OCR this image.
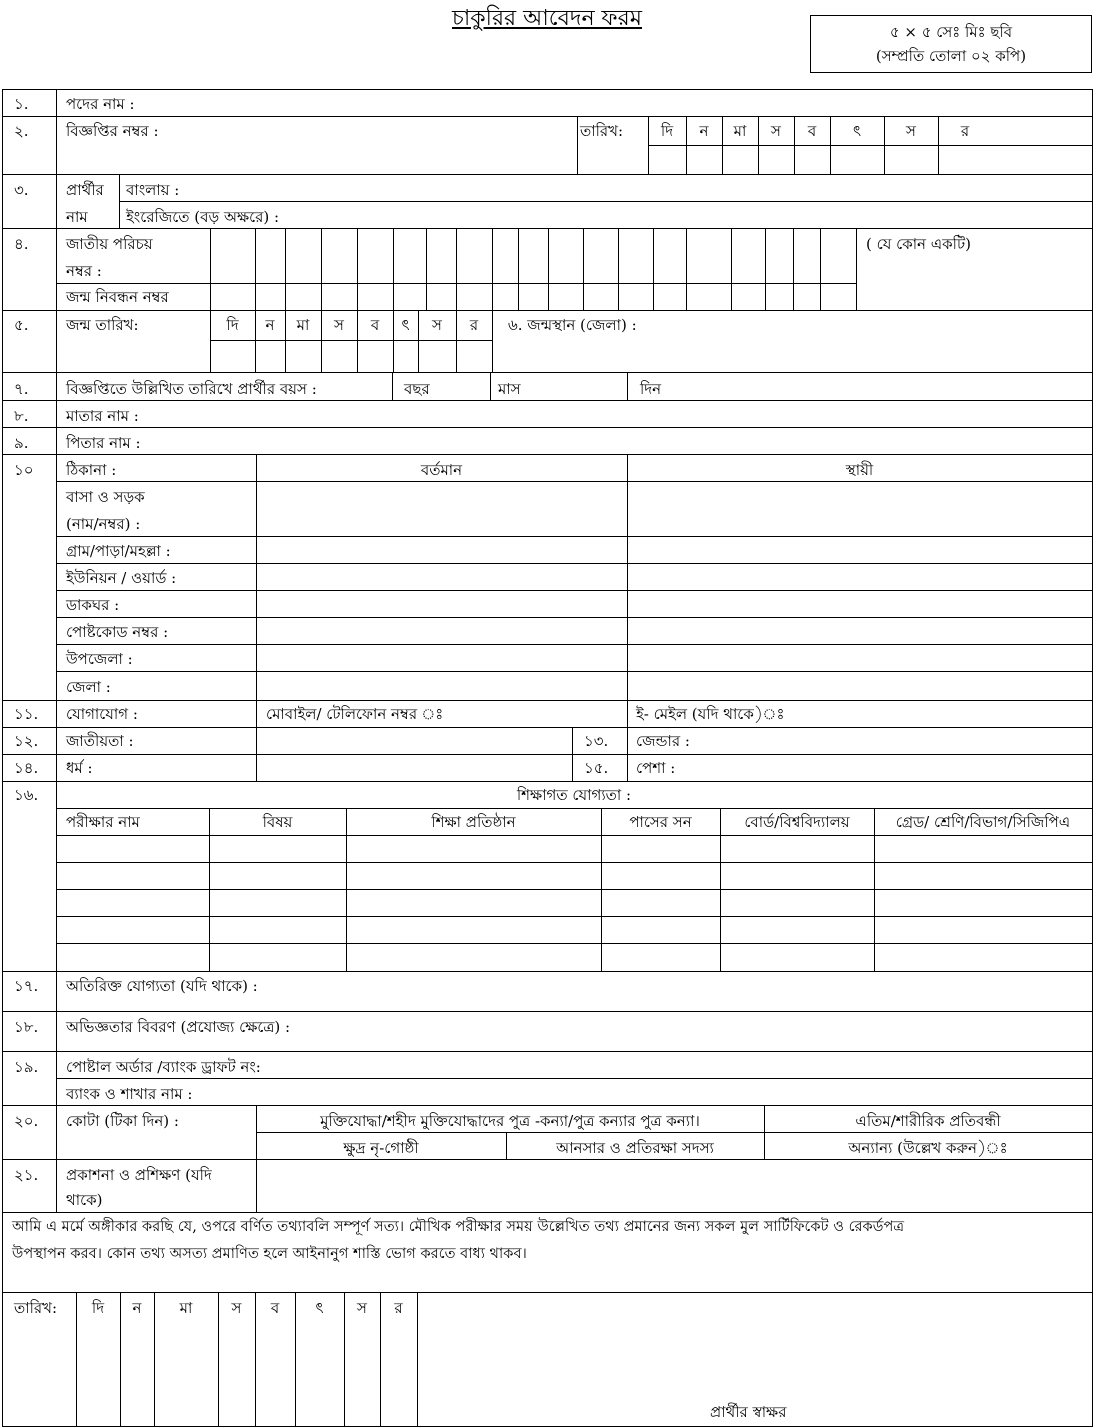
চাকুরির আবেদন ফরম
৫ × ৫ সেঃ মিঃ ছবি
(সম্প্রতি তোলা ০২ কপি)
১. পদের নাম :
২. বিজ্ঞপ্তির নম্বর :	তারিখ:	দি	ন	মা	স	ব	ৎ	স	র
৩. প্রার্থীর
নাম
বাংলায় :
ইংরেজিতে (বড় অক্ষরে) :
৪. জাতীয় পরিচয়
নম্বর :
জন্ম নিবন্ধন নম্বর
( যে কোন একটি)
৫. জন্ম তারিখ:	৬. জন্মস্থান (জেলা) :
দি	ন	মা	স	ব	ৎ	স	র
৭. বিজ্ঞপ্তিতে উল্লিখিত তারিখে প্রার্থীর বয়স :	বছর	মাস	দিন
৮. মাতার নাম :
৯. পিতার নাম :
১০ ঠিকানা :	বর্তমান	স্থায়ী
বাসা ও সড়ক
(নাম/নম্বর) :
গ্রাম/পাড়া/মহল্লা :
ইউনিয়ন / ওয়ার্ড :
ডাকঘর :
পোষ্টকোড নম্বর :
উপজেলা :
জেলা :
১১. যোগাযোগ :	মোবাইল/ টেলিফোন নম্বর ঃ	ই- মেইল (যদি থাকে)ঃ
১২. জাতীয়তা :	১৩. জেন্ডার :
১৪. ধর্ম :	১৫. পেশা :
১৬.	শিক্ষাগত যোগ্যতা :
পরীক্ষার নাম	বিষয়	শিক্ষা প্রতিষ্ঠান	পাসের সন	বোর্ড/বিশ্ববিদ্যালয়	গ্রেড/ শ্রেণি/বিভাগ/সিজিপিএ
১৭. অতিরিক্ত যোগ্যতা (যদি থাকে) :
১৮. অভিজ্ঞতার বিবরণ (প্রযোজ্য ক্ষেত্রে) :
১৯. পোষ্টাল অর্ডার /ব্যাংক ড্রাফট নং:
ব্যাংক ও শাখার নাম :
২০. কোটা (টিকা দিন) :	মুক্তিযোদ্ধা/শহীদ মুক্তিযোদ্ধাদের পুত্র -কন্যা/পুত্র কন্যার পুত্র কন্যা।	এতিম/শারীরিক প্রতিবন্ধী
ক্ষুদ্র নৃ-গোষ্ঠী	আনসার ও প্রতিরক্ষা সদস্য	অন্যান্য (উল্লেখ করুন)ঃ
২১. প্রকাশনা ও প্রশিক্ষণ (যদি
থাকে)
আমি এ মর্মে অঙ্গীকার করছি যে, ওপরে বর্ণিত তথ্যাবলি সম্পূর্ণ সত্য। মৌখিক পরীক্ষার সময় উল্লেখিত তথ্য প্রমানের জন্য সকল মুল সার্টিফিকেট ও রেকর্ডপত্র
উপস্থাপন করব। কোন তথ্য অসত্য প্রমাণিত হলে আইনানুগ শাস্তি ভোগ করতে বাধ্য থাকব।
তারিখ:	দি	ন	মা	স	ব	ৎ	স	র
প্রার্থীর স্বাক্ষর
